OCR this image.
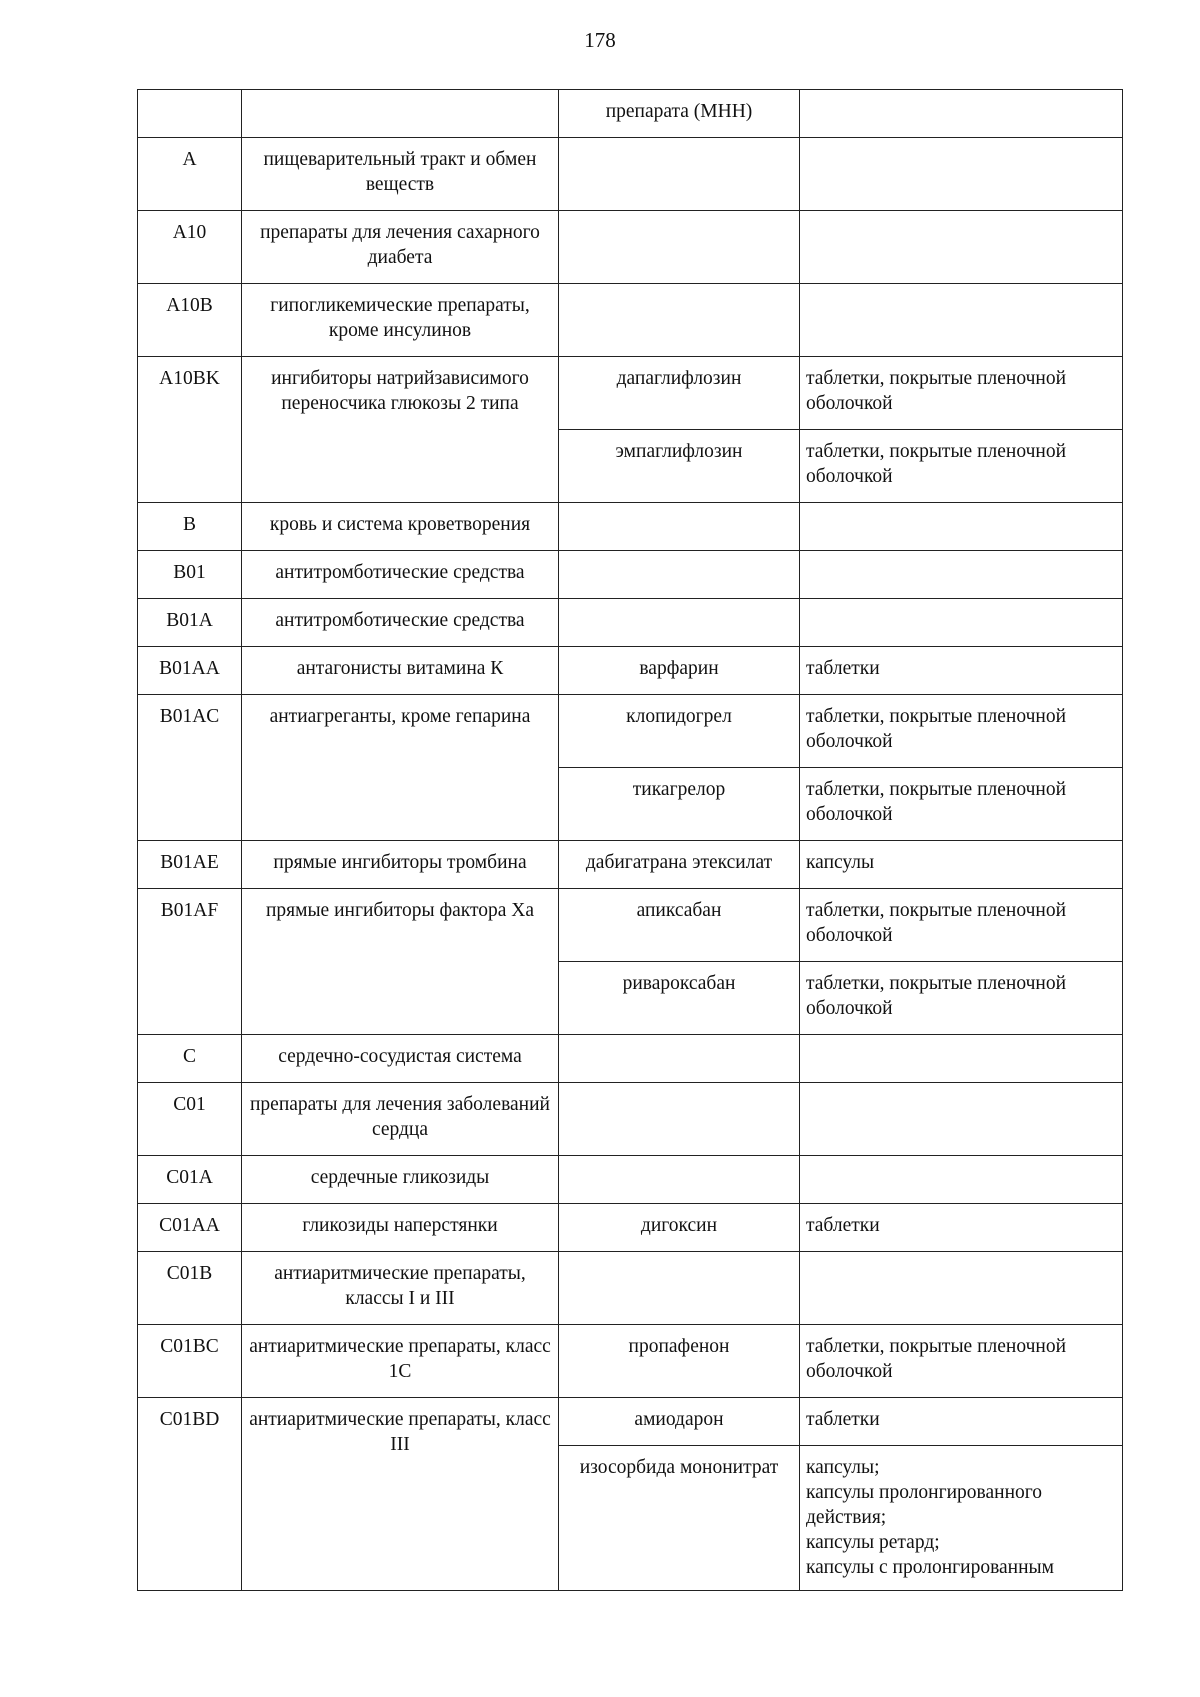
178
		препарата (МНН)	
A	пищеварительный тракт и обмен веществ		
A10	препараты для лечения сахарного диабета		
A10B	гипогликемические препараты, кроме инсулинов		
A10BK	ингибиторы натрийзависимого переносчика глюкозы 2 типа	дапаглифлозин	таблетки, покрытые пленочной оболочкой
		эмпаглифлозин	таблетки, покрытые пленочной оболочкой
B	кровь и система кроветворения		
B01	антитромботические средства		
B01A	антитромботические средства		
B01AA	антагонисты витамина К	варфарин	таблетки
B01AC	антиагреганты, кроме гепарина	клопидогрел	таблетки, покрытые пленочной оболочкой
		тикагрелор	таблетки, покрытые пленочной оболочкой
B01AE	прямые ингибиторы тромбина	дабигатрана этексилат	капсулы
B01AF	прямые ингибиторы фактора Xa	апиксабан	таблетки, покрытые пленочной оболочкой
		ривароксабан	таблетки, покрытые пленочной оболочкой
C	сердечно-сосудистая система		
C01	препараты для лечения заболеваний сердца		
C01A	сердечные гликозиды		
C01AA	гликозиды наперстянки	дигоксин	таблетки
C01B	антиаритмические препараты, классы I и III		
C01BC	антиаритмические препараты, класс 1C	пропафенон	таблетки, покрытые пленочной оболочкой
C01BD	антиаритмические препараты, класс III	амиодарон	таблетки
		изосорбида мононитрат	капсулы;
капсулы пролонгированного действия;
капсулы ретард;
капсулы с пролонгированным
